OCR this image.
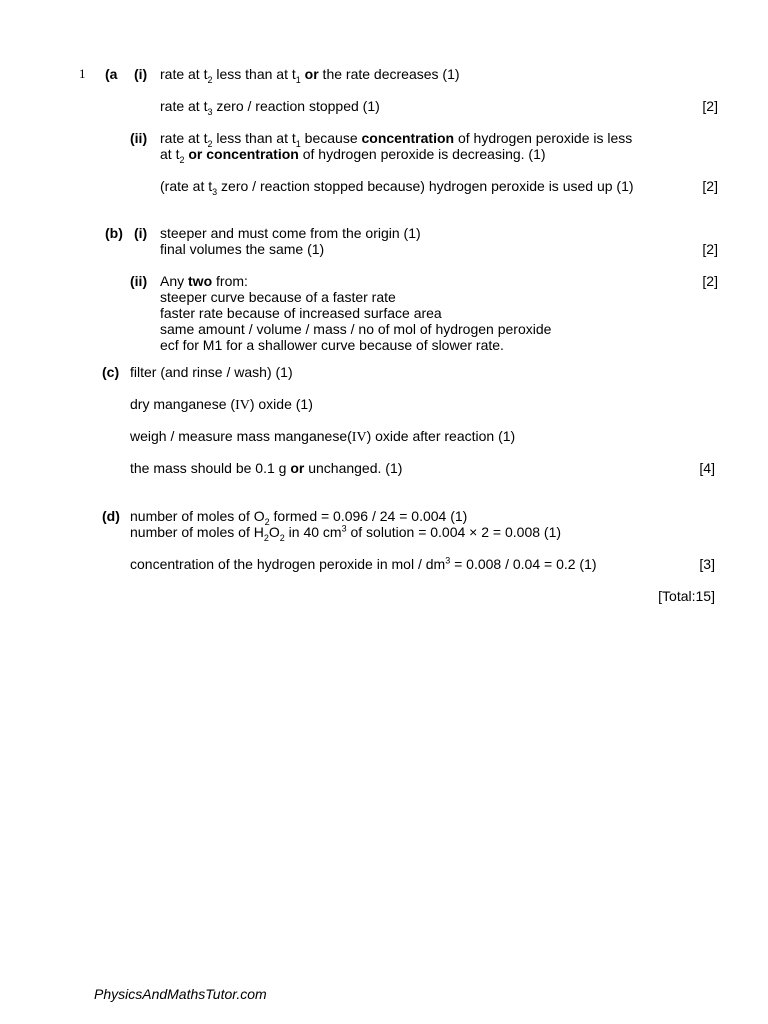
1 (a (i) rate at $t_2$ less than at $t_1$ or the rate decreases (1)
rate at $t_3$ zero / reaction stopped (1)	[2]
(ii) rate at $t_2$ less than at $t_1$ because concentration of hydrogen peroxide is less
at $t_2$ or concentration of hydrogen peroxide is decreasing. (1)
(rate at $t_3$ zero / reaction stopped because) hydrogen peroxide is used up (1)	[2]
(b) (i) steeper and must come from the origin (1)
final volumes the same (1)	[2]
(ii) Any two from:	[2]
steeper curve because of a faster rate
faster rate because of increased surface area
same amount / volume / mass / no of mol of hydrogen peroxide
ecf for M1 for a shallower curve because of slower rate.
(c) filter (and rinse / wash) (1)
dry manganese (IV) oxide (1)
weigh / measure mass manganese(IV) oxide after reaction (1)
the mass should be 0.1 g or unchanged. (1)	[4]
(d) number of moles of $O_2$ formed = 0.096 / 24 = 0.004 (1)
number of moles of $H_2O_2$ in 40 $cm^3$ of solution = 0.004 × 2 = 0.008 (1)
concentration of the hydrogen peroxide in mol / $dm^3 = 0.008 / 0.04 = 0.2$ (1)	[3]
[Total:15]
PhysicsAndMathsTutor.com
